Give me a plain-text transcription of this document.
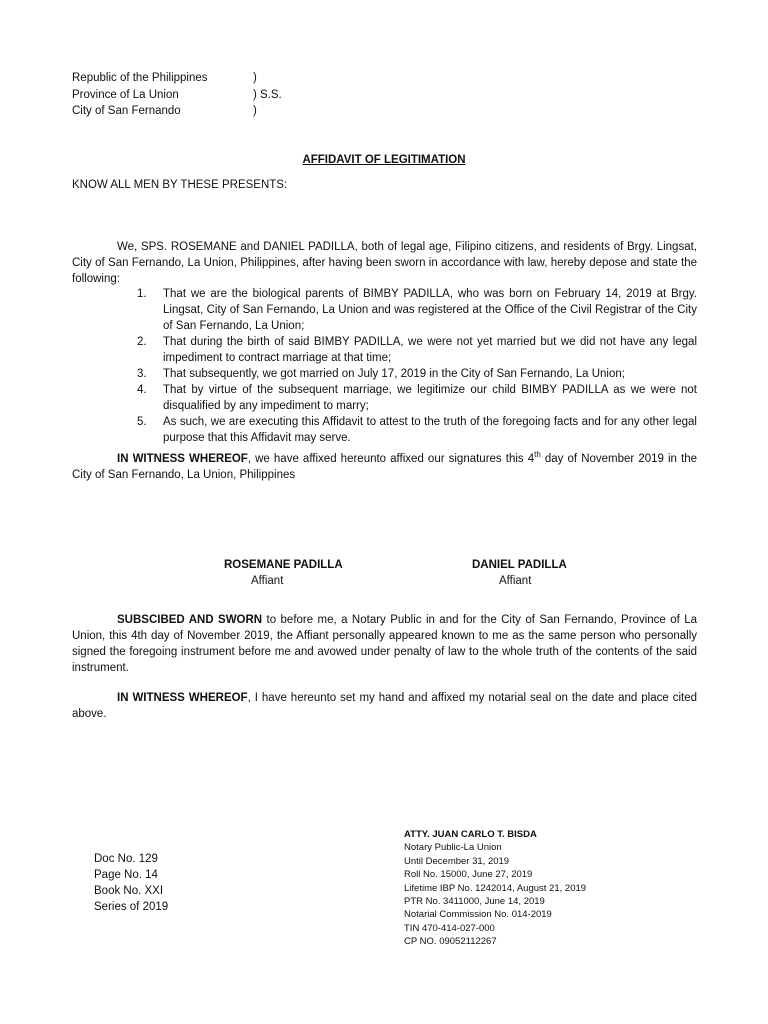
Republic of the Philippines	)
Province of La Union	) S.S.
City of San Fernando	)
AFFIDAVIT OF LEGITIMATION
KNOW ALL MEN BY THESE PRESENTS:
We, SPS. ROSEMANE and DANIEL PADILLA, both of legal age, Filipino citizens, and residents of Brgy. Lingsat, City of San Fernando, La Union, Philippines, after having been sworn in accordance with law, hereby depose and state the following:
1. That we are the biological parents of BIMBY PADILLA, who was born on February 14, 2019 at Brgy. Lingsat, City of San Fernando, La Union and was registered at the Office of the Civil Registrar of the City of San Fernando, La Union;
2. That during the birth of said BIMBY PADILLA, we were not yet married but we did not have any legal impediment to contract marriage at that time;
3. That subsequently, we got married on July 17, 2019 in the City of San Fernando, La Union;
4. That by virtue of the subsequent marriage, we legitimize our child BIMBY PADILLA as we were not disqualified by any impediment to marry;
5. As such, we are executing this Affidavit to attest to the truth of the foregoing facts and for any other legal purpose that this Affidavit may serve.
IN WITNESS WHEREOF, we have affixed hereunto affixed our signatures this 4th day of November 2019 in the City of San Fernando, La Union, Philippines
ROSEMANE PADILLA
Affiant
DANIEL PADILLA
Affiant
SUBSCIBED AND SWORN to before me, a Notary Public in and for the City of San Fernando, Province of La Union, this 4th day of November 2019, the Affiant personally appeared known to me as the same person who personally signed the foregoing instrument before me and avowed under penalty of law to the whole truth of the contents of the said instrument.
IN WITNESS WHEREOF, I have hereunto set my hand and affixed my notarial seal on the date and place cited above.
ATTY. JUAN CARLO T. BISDA
Notary Public-La Union
Until December 31, 2019
Roll No. 15000, June 27, 2019
Lifetime IBP No. 1242014, August 21, 2019
PTR No. 3411000, June 14, 2019
Notarial Commission No. 014-2019
TIN 470-414-027-000
CP NO. 09052112267
Doc No. 129
Page No. 14
Book No. XXI
Series of 2019
